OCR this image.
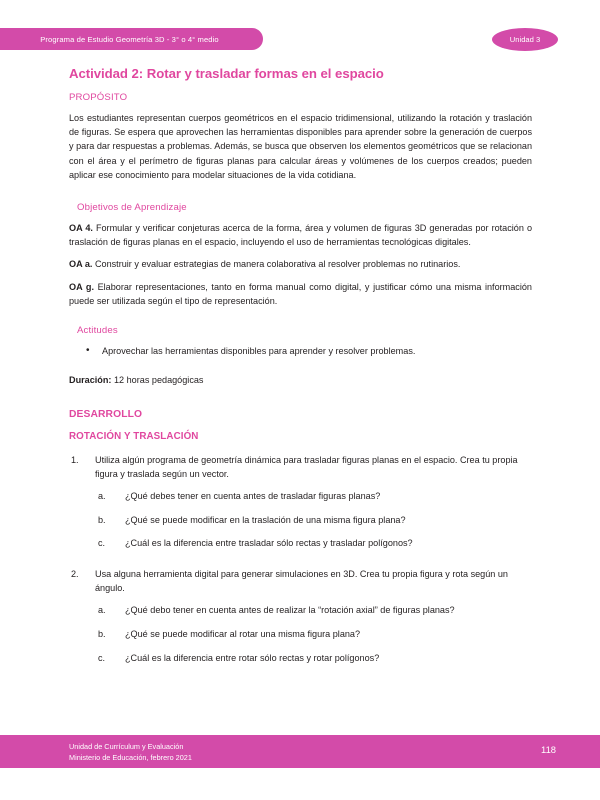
Programa de Estudio Geometría 3D - 3° o 4° medio	Unidad 3
Actividad 2: Rotar y trasladar formas en el espacio
PROPÓSITO

Los estudiantes representan cuerpos geométricos en el espacio tridimensional, utilizando la rotación y traslación de figuras. Se espera que aprovechen las herramientas disponibles para aprender sobre la generación de cuerpos y para dar respuestas a problemas. Además, se busca que observen los elementos geométricos que se relacionan con el área y el perímetro de figuras planas para calcular áreas y volúmenes de los cuerpos creados; pueden aplicar ese conocimiento para modelar situaciones de la vida cotidiana.

Objetivos de Aprendizaje

OA 4. Formular y verificar conjeturas acerca de la forma, área y volumen de figuras 3D generadas por rotación o traslación de figuras planas en el espacio, incluyendo el uso de herramientas tecnológicas digitales.

OA a. Construir y evaluar estrategias de manera colaborativa al resolver problemas no rutinarios.

OA g. Elaborar representaciones, tanto en forma manual como digital, y justificar cómo una misma información puede ser utilizada según el tipo de representación.

Actitudes
• Aprovechar las herramientas disponibles para aprender y resolver problemas.

Duración: 12 horas pedagógicas

DESARROLLO
ROTACIÓN Y TRASLACIÓN
1. Utiliza algún programa de geometría dinámica para trasladar figuras planas en el espacio. Crea tu propia figura y traslada según un vector.
a. ¿Qué debes tener en cuenta antes de trasladar figuras planas?
b. ¿Qué se puede modificar en la traslación de una misma figura plana?
c. ¿Cuál es la diferencia entre trasladar sólo rectas y trasladar polígonos?
2. Usa alguna herramienta digital para generar simulaciones en 3D. Crea tu propia figura y rota según un ángulo.
a. ¿Qué debo tener en cuenta antes de realizar la “rotación axial” de figuras planas?
b. ¿Qué se puede modificar al rotar una misma figura plana?
c. ¿Cuál es la diferencia entre rotar sólo rectas y rotar polígonos?
Unidad de Currículum y Evaluación
Ministerio de Educación, febrero 2021
118
